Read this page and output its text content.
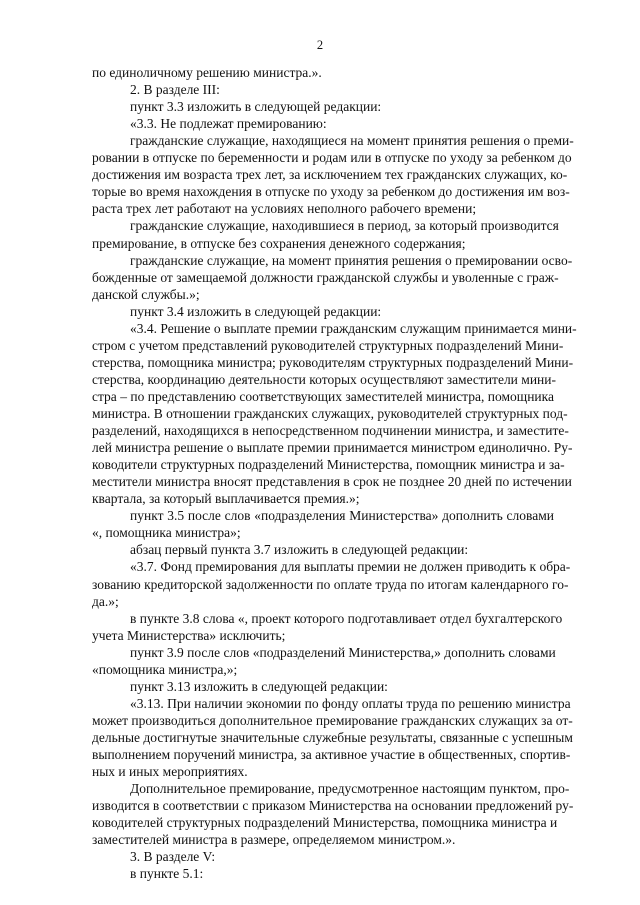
2
по единоличному решению министра.».
2. В разделе III:
пункт 3.3 изложить в следующей редакции:
«3.3. Не подлежат премированию:
гражданские служащие, находящиеся на момент принятия решения о преми-
ровании в отпуске по беременности и родам или в отпуске по уходу за ребенком до
достижения им возраста трех лет, за исключением тех гражданских служащих, ко-
торые во время нахождения в отпуске по уходу за ребенком до достижения им воз-
раста трех лет работают на условиях неполного рабочего времени;
гражданские служащие, находившиеся в период, за который производится
премирование, в отпуске без сохранения денежного содержания;
гражданские служащие, на момент принятия решения о премировании осво-
божденные от замещаемой должности гражданской службы и уволенные с граж-
данской службы.»;
пункт 3.4 изложить в следующей редакции:
«3.4. Решение о выплате премии гражданским служащим принимается мини-
стром с учетом представлений руководителей структурных подразделений Мини-
стерства, помощника министра; руководителям структурных подразделений Мини-
стерства, координацию деятельности которых осуществляют заместители мини-
стра – по представлению соответствующих заместителей министра, помощника
министра. В отношении гражданских служащих, руководителей структурных под-
разделений, находящихся в непосредственном подчинении министра, и заместите-
лей министра решение о выплате премии принимается министром единолично. Ру-
ководители структурных подразделений Министерства, помощник министра и за-
местители министра вносят представления в срок не позднее 20 дней по истечении
квартала, за который выплачивается премия.»;
пункт 3.5 после слов «подразделения Министерства» дополнить словами
«, помощника министра»;
абзац первый пункта 3.7 изложить в следующей редакции:
«3.7. Фонд премирования для выплаты премии не должен приводить к обра-
зованию кредиторской задолженности по оплате труда по итогам календарного го-
да.»;
в пункте 3.8 слова «, проект которого подготавливает отдел бухгалтерского
учета Министерства» исключить;
пункт 3.9 после слов «подразделений Министерства,» дополнить словами
«помощника министра,»;
пункт 3.13 изложить в следующей редакции:
«3.13. При наличии экономии по фонду оплаты труда по решению министра
может производиться дополнительное премирование гражданских служащих за от-
дельные достигнутые значительные служебные результаты, связанные с успешным
выполнением поручений министра, за активное участие в общественных, спортив-
ных и иных мероприятиях.
Дополнительное премирование, предусмотренное настоящим пунктом, про-
изводится в соответствии с приказом Министерства на основании предложений ру-
ководителей структурных подразделений Министерства, помощника министра и
заместителей министра в размере, определяемом министром.».
3. В разделе V:
в пункте 5.1:
